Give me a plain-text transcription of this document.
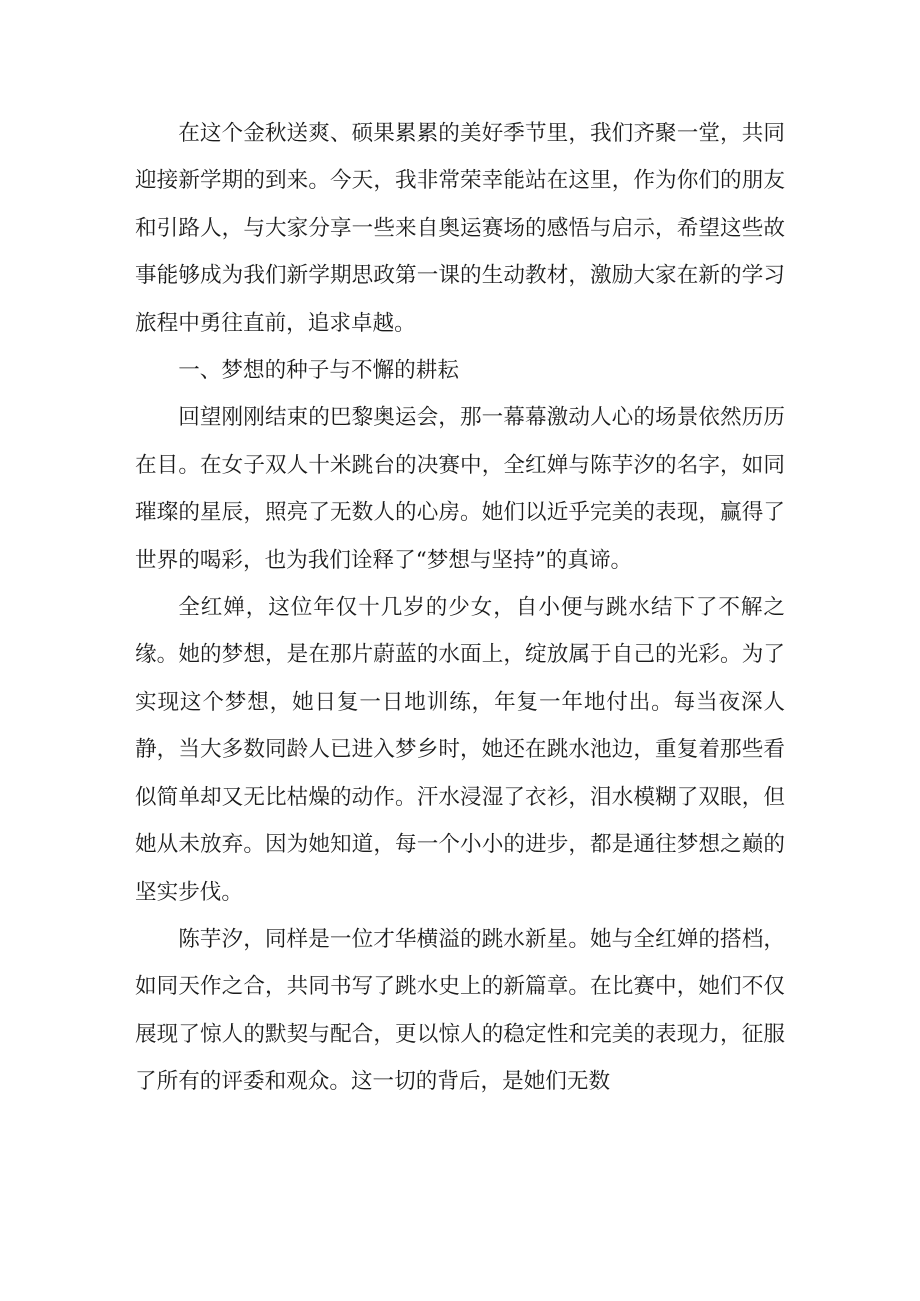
在这个金秋送爽、硕果累累的美好季节里，我们齐聚一堂，共同迎接新学期的到来。今天，我非常荣幸能站在这里，作为你们的朋友和引路人，与大家分享一些来自奥运赛场的感悟与启示，希望这些故事能够成为我们新学期思政第一课的生动教材，激励大家在新的学习旅程中勇往直前，追求卓越。

一、梦想的种子与不懈的耕耘

回望刚刚结束的巴黎奥运会，那一幕幕激动人心的场景依然历历在目。在女子双人十米跳台的决赛中，全红婵与陈芋汐的名字，如同璀璨的星辰，照亮了无数人的心房。她们以近乎完美的表现，赢得了世界的喝彩，也为我们诠释了“梦想与坚持”的真谛。

全红婵，这位年仅十几岁的少女，自小便与跳水结下了不解之缘。她的梦想，是在那片蔚蓝的水面上，绽放属于自己的光彩。为了实现这个梦想，她日复一日地训练，年复一年地付出。每当夜深人静，当大多数同龄人已进入梦乡时，她还在跳水池边，重复着那些看似简单却又无比枯燥的动作。汗水浸湿了衣衫，泪水模糊了双眼，但她从未放弃。因为她知道，每一个小小的进步，都是通往梦想之巅的坚实步伐。

陈芋汐，同样是一位才华横溢的跳水新星。她与全红婵的搭档，如同天作之合，共同书写了跳水史上的新篇章。在比赛中，她们不仅展现了惊人的默契与配合，更以惊人的稳定性和完美的表现力，征服了所有的评委和观众。这一切的背后，是她们无数
